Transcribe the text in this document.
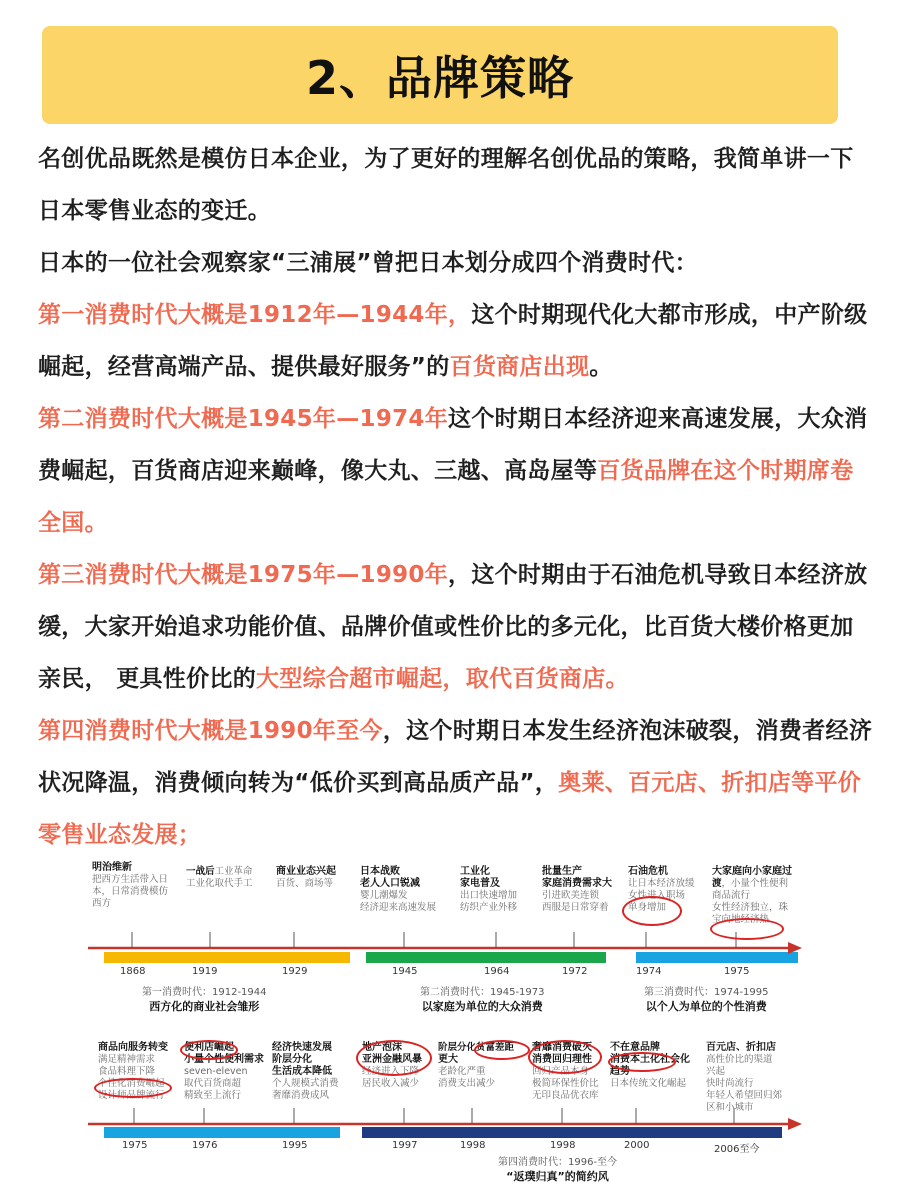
2、品牌策略

名创优品既然是模仿日本企业，为了更好的理解名创优品的策略，我简单讲一下日本零售业态的变迁。

日本的一位社会观察家“三浦展”曾把日本划分成四个消费时代：

第一消费时代大概是1912年—1944年，这个时期现代化大都市形成，中产阶级崛起，经营高端产品、提供最好服务”的百货商店出现。

第二消费时代大概是1945年—1974年这个时期日本经济迎来高速发展，大众消费崛起，百货商店迎来巅峰，像大丸、三越、高岛屋等百货品牌在这个时期席卷全国。

第三消费时代大概是1975年—1990年，这个时期由于石油危机导致日本经济放缓，大家开始追求功能价值、品牌价值或性价比的多元化，比百货大楼价格更加亲民， 更具性价比的大型综合超市崛起，取代百货商店。

第四消费时代大概是1990年至今，这个时期日本发生经济泡沫破裂，消费者经济状况降温，消费倾向转为“低价买到高品质产品”，奥莱、百元店、折扣店等平价零售业态发展；

明治维新
把西方生活带入日
本，日常消费模仿
西方
一战后工业革命
工业化取代手工
商业业态兴起
百货、商场等
日本战败
老人人口锐减
婴儿潮爆发
经济迎来高速发展
工业化
家电普及
出口快速增加
纺织产业外移
批量生产
家庭消费需求大
引进欧美连锁
西服是日常穿着
石油危机
让日本经济放缓
女性进入职场
单身增加
大家庭向小家庭过
渡，小量个性便利
商品流行
女性经济独立，珠
宝向地经济热
1868	1919	1929	1945	1964	1972	1974	1975
第一消费时代：1912-1944
西方化的商业社会雏形
第二消费时代：1945-1973
以家庭为单位的大众消费
第三消费时代：1974-1995
以个人为单位的个性消费
商品向服务转变
满足精神需求
食品料理下降
个性化消费崛起
设计师品牌流行
便利店崛起
小量个性便利需求
seven-eleven
取代百货商超
精致至上流行
经济快速发展
阶层分化
生活成本降低
个人规模式消费
奢靡消费成风
地产泡沫
亚洲金融风暴
经济进入下降
居民收入减少
阶层分化贫富差距
更大
老龄化严重
消费支出减少
奢靡消费破灭
消费回归理性
回归产品本身
极简环保性价比
无印良品优衣库
不在意品牌
消费本土化社会化
趋势
日本传统文化崛起
百元店、折扣店
高性价比的渠道
兴起
快时尚流行
年轻人希望回归郊
区和小城市
1975	1976	1995	1997	1998	1998	2000	2006至今
第四消费时代：1996-至今
“返璞归真”的简约风
